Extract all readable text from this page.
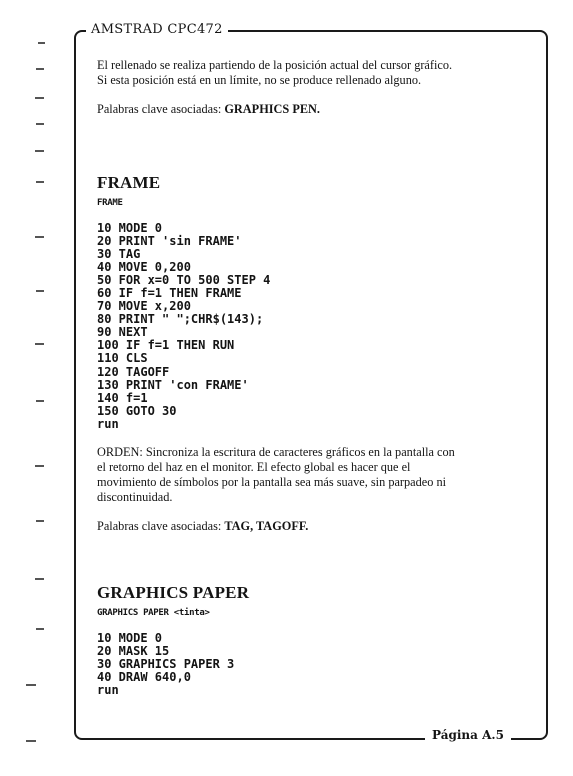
AMSTRAD CPC472
Página A.5

El rellenado se realiza partiendo de la posición actual del cursor gráfico.

Si esta posición está en un límite, no se produce rellenado alguno.

Palabras clave asociadas: GRAPHICS PEN.

FRAME
FRAME
10 MODE 0
20 PRINT 'sin FRAME'
30 TAG
40 MOVE 0,200
50 FOR x=0 TO 500 STEP 4
60 IF f=1 THEN FRAME
70 MOVE x,200
80 PRINT " ";CHR$(143);
90 NEXT
100 IF f=1 THEN RUN
110 CLS
120 TAGOFF
130 PRINT 'con FRAME'
140 f=1
150 GOTO 30
run

ORDEN: Sincroniza la escritura de caracteres gráficos en la pantalla con

el retorno del haz en el monitor. El efecto global es hacer que el

movimiento de símbolos por la pantalla sea más suave, sin parpadeo ni

discontinuidad.

Palabras clave asociadas: TAG, TAGOFF.

GRAPHICS PAPER
GRAPHICS PAPER <tinta>
10 MODE 0
20 MASK 15
30 GRAPHICS PAPER 3
40 DRAW 640,0
run
